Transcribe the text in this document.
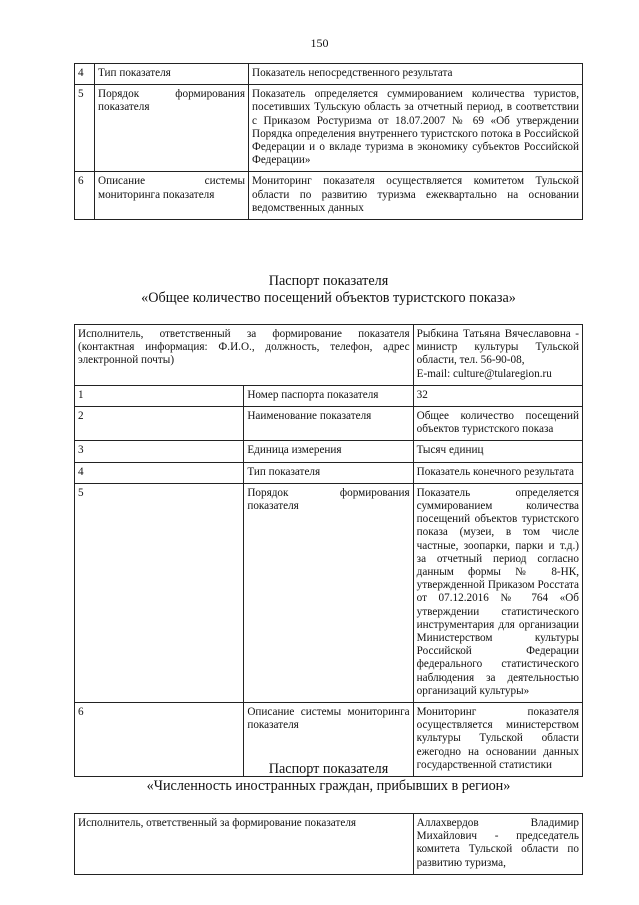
150
4	Тип показателя	Показатель непосредственного результата
5	Порядок формирования показателя	Показатель определяется суммированием количества туристов, посетивших Тульскую область за отчетный период, в соответствии с Приказом Ростуризма от 18.07.2007 № 69 «Об утверждении Порядка определения внутреннего туристского потока в Российской Федерации и о вкладе туризма в экономику субъектов Российской Федерации»
6	Описание системы мониторинга показателя	Мониторинг показателя осуществляется комитетом Тульской области по развитию туризма ежеквартально на основании ведомственных данных
Паспорт показателя
«Общее количество посещений объектов туристского показа»
Исполнитель, ответственный за формирование показателя (контактная информация: Ф.И.О., должность, телефон, адрес электронной почты)		Рыбкина Татьяна Вячеславовна - министр культуры Тульской области, тел. 56-90-08,
E-mail: culture@tularegion.ru
1	Номер паспорта показателя	32
2	Наименование показателя	Общее количество посещений объектов туристского показа
3	Единица измерения	Тысяч единиц
4	Тип показателя	Показатель конечного результата
5	Порядок формирования показателя	Показатель определяется суммированием количества посещений объектов туристского показа (музеи, в том числе частные, зоопарки, парки и т.д.) за отчетный период согласно данным формы № 8-НК, утвержденной Приказом Росстата от 07.12.2016 № 764 «Об утверждении статистического инструментария для организации Министерством культуры Российской Федерации федерального статистического наблюдения за деятельностью организаций культуры»
6	Описание системы мониторинга показателя	Мониторинг показателя осуществляется министерством культуры Тульской области ежегодно на основании данных государственной статистики
Паспорт показателя
«Численность иностранных граждан, прибывших в регион»
Исполнитель, ответственный за формирование показателя	Аллахвердов Владимир Михайлович - председатель комитета Тульской области по развитию туризма,
